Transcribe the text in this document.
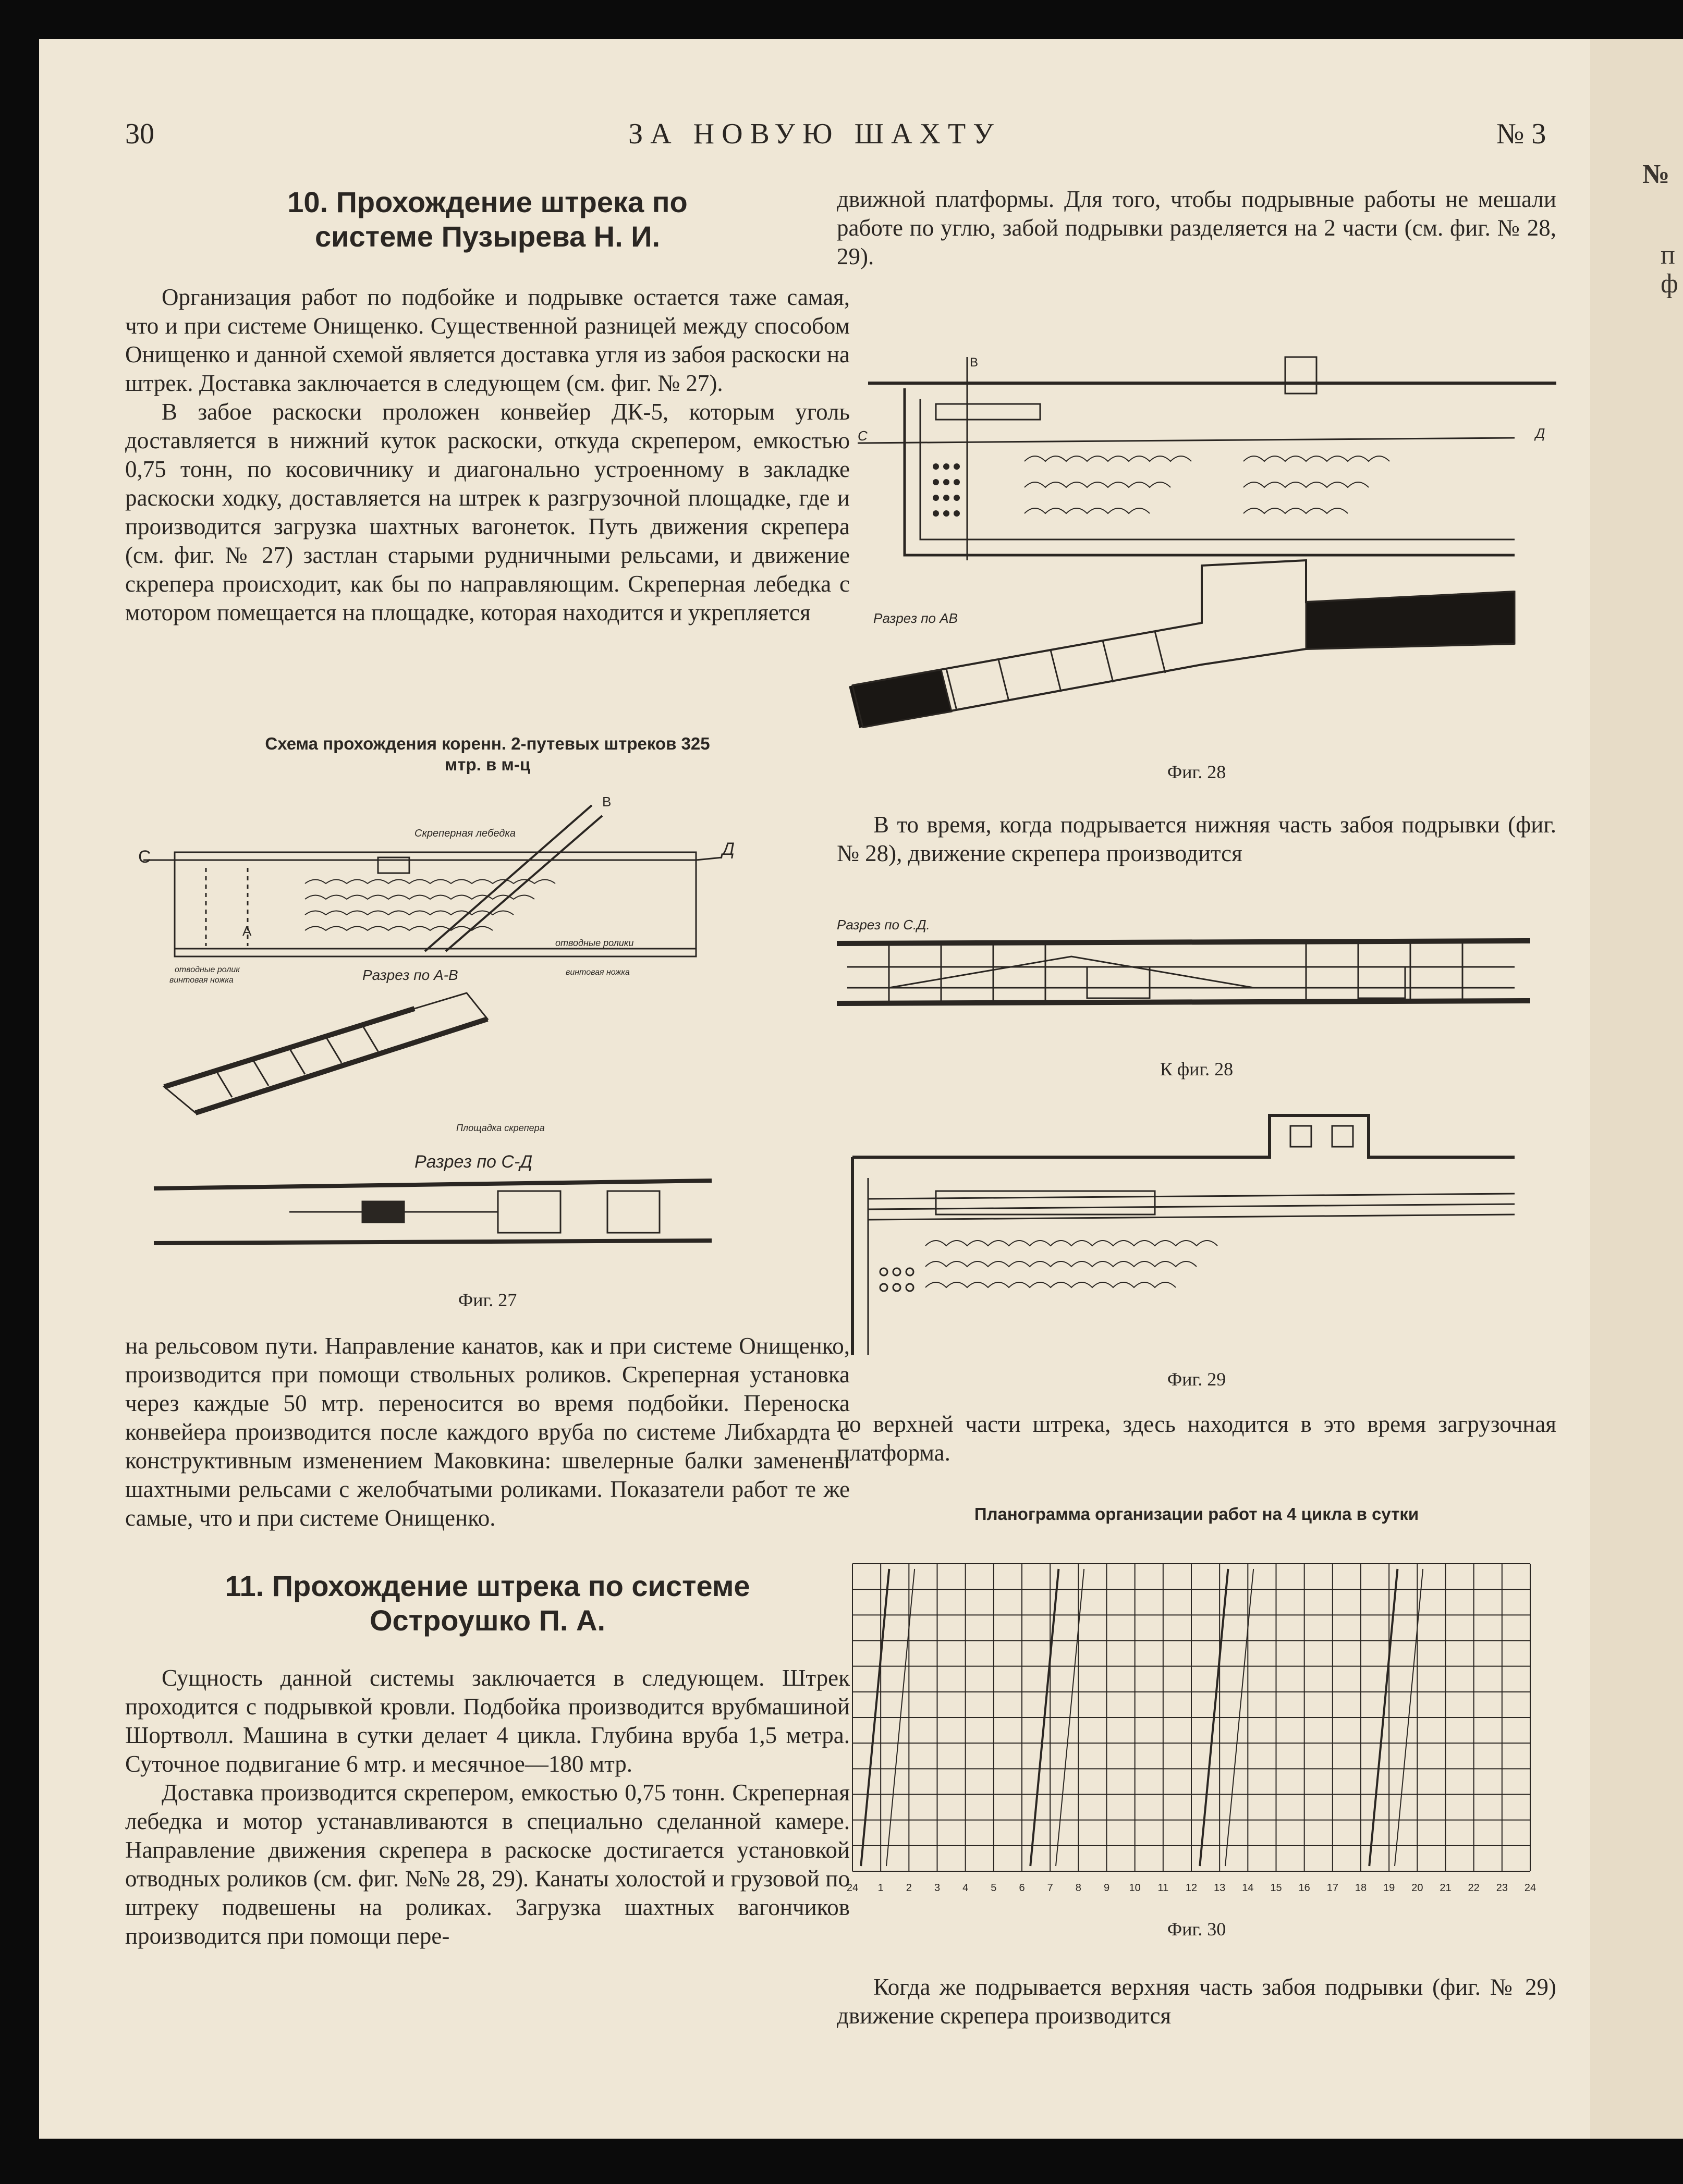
30	ЗА НОВУЮ ШАХТУ	№ 3
10. Прохождение штрека по системе Пузырева Н. И.

Организация работ по подбойке и подрывке остается таже самая, что и при системе Онищенко. Существенной разницей между способом Онищенко и данной схемой является доставка угля из забоя раскоски на штрек. Доставка заключается в следующем (см. фиг. № 27).

В забое раскоски проложен конвейер ДК-5, которым уголь доставляется в нижний куток раскоски, откуда скрепером, емкостью 0,75 тонн, по косовичнику и диагонально устроенному в закладке раскоски ходку, доставляется на штрек к разгрузочной площадке, где и производится загрузка шахтных вагонеток. Путь движения скрепера (см. фиг. № 27) застлан старыми рудничными рельсами, и движение скрепера происходит, как бы по направляющим. Скреперная лебедка с мотором помещается на площадке, которая находится и укрепляется

Схема прохождения коренн. 2-путевых штреков 325 мтр. в м-ц
С	Д
В
А
Скреперная лебедка
отводные ролики
отводные ролик
винтовая ножка
винтовая ножка
Разрез по А-В
Площадка скрепера
Разрез по С-Д
Фиг. 27

на рельсовом пути. Направление канатов, как и при системе Онищенко, производится при помощи ствольных роликов. Скреперная установка через каждые 50 мтр. переносится во время подбойки. Переноска конвейера производится после каждого вруба по системе Либхардта с конструктивным изменением Маковкина: швелерные балки заменены шахтными рельсами с желобчатыми роликами. Показатели работ те же самые, что и при системе Онищенко.

11. Прохождение штрека по системе Остроушко П. А.

Сущность данной системы заключается в следующем. Штрек проходится с подрывкой кровли. Подбойка производится врубмашиной Шортволл. Машина в сутки делает 4 цикла. Глубина вруба 1,5 метра. Суточное подвигание 6 мтр. и месячное—180 мтр.

Доставка производится скрепером, емкостью 0,75 тонн. Скреперная лебедка и мотор устанавливаются в специально сделанной камере. Направление движения скрепера в раскоске достигается установкой отводных роликов (см. фиг. №№ 28, 29). Канаты холостой и грузовой по штреку подвешены на роликах. Загрузка шахтных вагончиков производится при помощи пере-

движной платформы. Для того, чтобы подрывные работы не мешали работе по углю, забой подрывки разделяется на 2 части (см. фиг. № 28, 29).

В
С	Д
Разрез по АВ
Фиг. 28

В то время, когда подрывается нижняя часть забоя подрывки (фиг. № 28), движение скрепера производится

Разрез по С.Д.
К фиг. 28
Фиг. 29

по верхней части штрека, здесь находится в это время загрузочная платформа.

Планограмма организации работ на 4 цикла в сутки
24 1 2 3 4 5 6 7 8 9 10 11 12 13 14 15 16 17 18 19 20 21 22 23 24
Фиг. 30

Когда же подрывается верхняя часть забоя подрывки (фиг. № 29) движение скрепера производится

№
п
ф
